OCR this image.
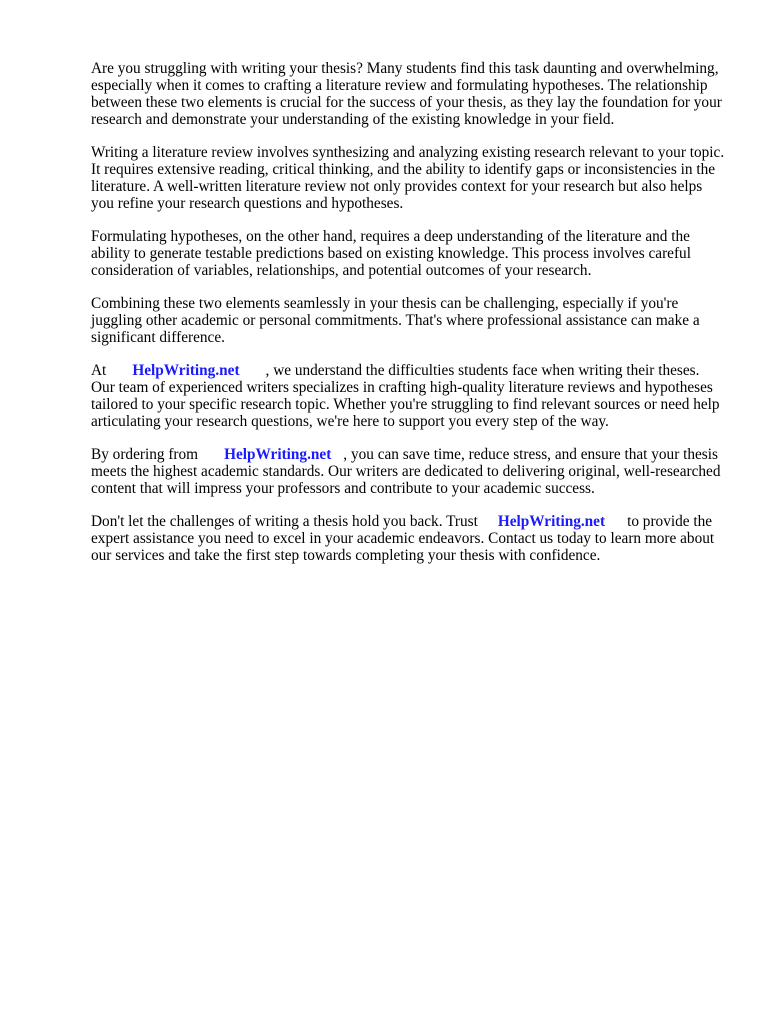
Are you struggling with writing your thesis? Many students find this task daunting and overwhelming, especially when it comes to crafting a literature review and formulating hypotheses. The relationship between these two elements is crucial for the success of your thesis, as they lay the foundation for your research and demonstrate your understanding of the existing knowledge in your field.

Writing a literature review involves synthesizing and analyzing existing research relevant to your topic. It requires extensive reading, critical thinking, and the ability to identify gaps or inconsistencies in the literature. A well-written literature review not only provides context for your research but also helps you refine your research questions and hypotheses.

Formulating hypotheses, on the other hand, requires a deep understanding of the literature and the ability to generate testable predictions based on existing knowledge. This process involves careful consideration of variables, relationships, and potential outcomes of your research.

Combining these two elements seamlessly in your thesis can be challenging, especially if you're juggling other academic or personal commitments. That's where professional assistance can make a significant difference.

At HelpWriting.net , we understand the difficulties students face when writing their theses. Our team of experienced writers specializes in crafting high-quality literature reviews and hypotheses tailored to your specific research topic. Whether you're struggling to find relevant sources or need help articulating your research questions, we're here to support you every step of the way.

By ordering from HelpWriting.net , you can save time, reduce stress, and ensure that your thesis meets the highest academic standards. Our writers are dedicated to delivering original, well-researched content that will impress your professors and contribute to your academic success.

Don't let the challenges of writing a thesis hold you back. Trust HelpWriting.net to provide the expert assistance you need to excel in your academic endeavors. Contact us today to learn more about our services and take the first step towards completing your thesis with confidence.
